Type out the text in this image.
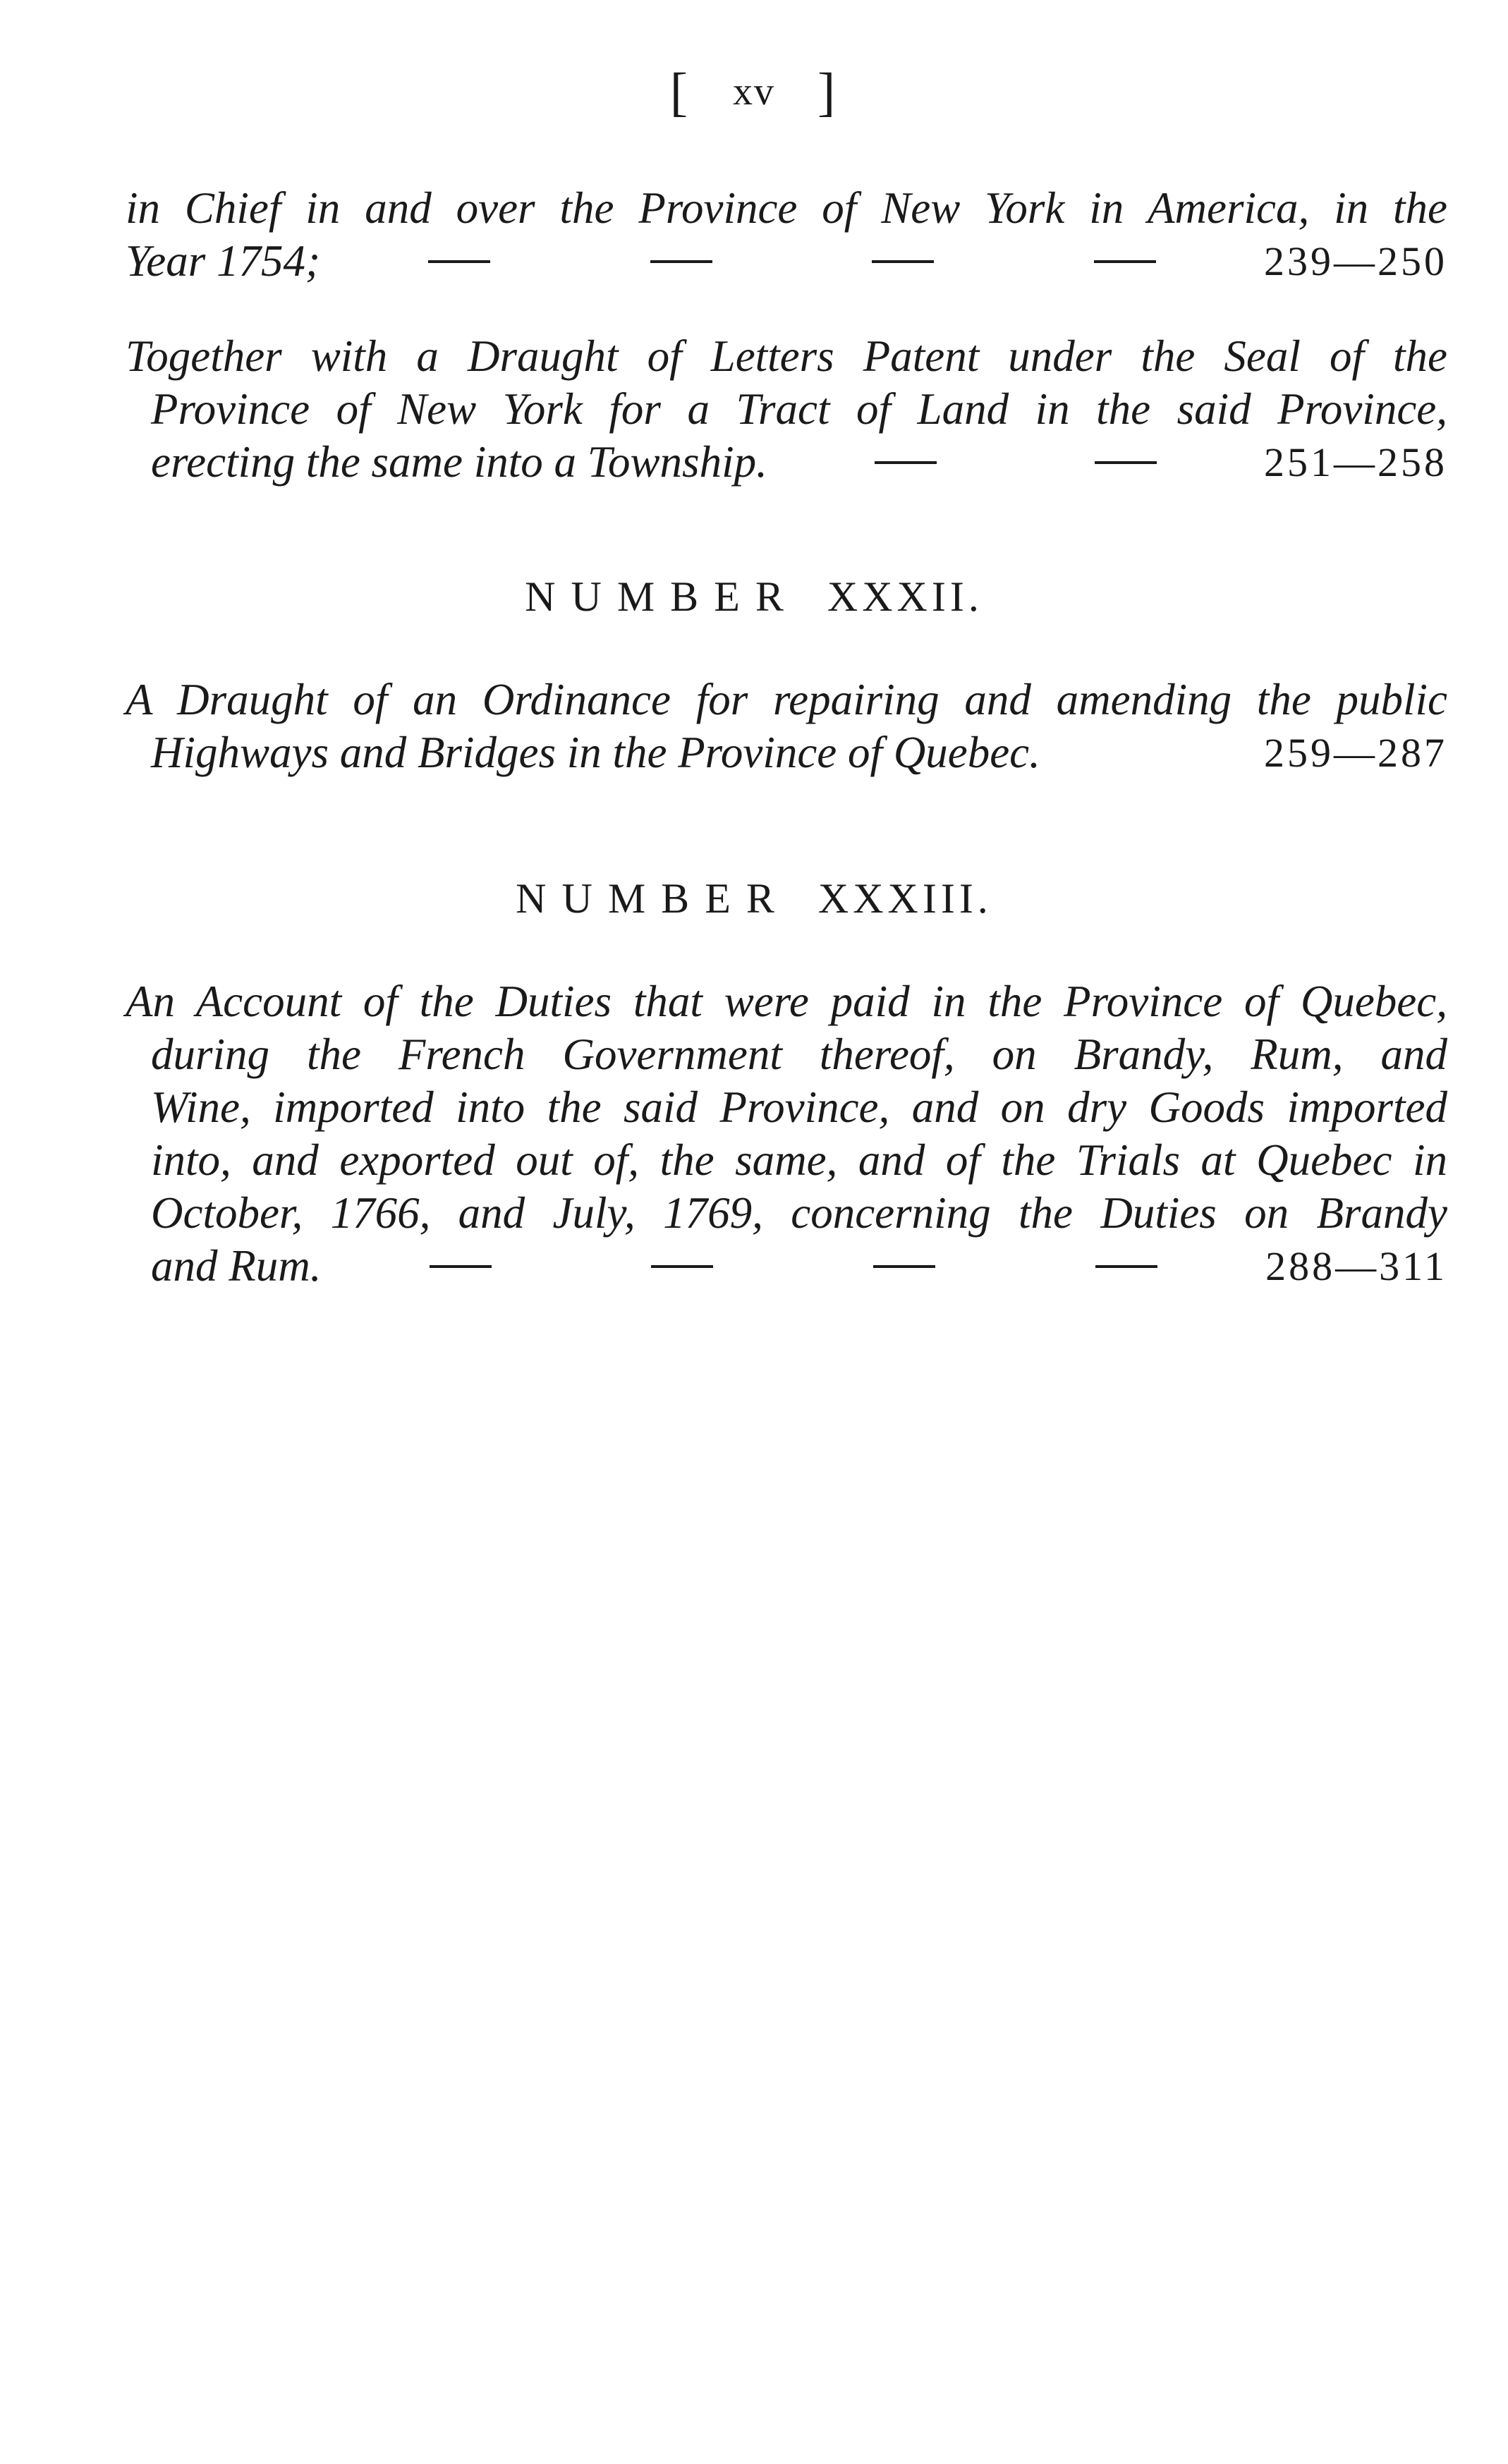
[ xv ]
in Chief in and over the Province of New York in America, in the
Year 1754;	239—250
Together with a Draught of Letters Patent under the Seal of the
Province of New York for a Tract of Land in the said Province,
erecting the same into a Township.	251—258
NUMBER XXXII.
A Draught of an Ordinance for repairing and amending the public
Highways and Bridges in the Province of Quebec.	259—287
NUMBER XXXIII.
An Account of the Duties that were paid in the Province of Quebec,
during the French Government thereof, on Brandy, Rum, and
Wine, imported into the said Province, and on dry Goods imported
into, and exported out of, the same, and of the Trials at Quebec in
October, 1766, and July, 1769, concerning the Duties on Brandy
and Rum.	288—311
